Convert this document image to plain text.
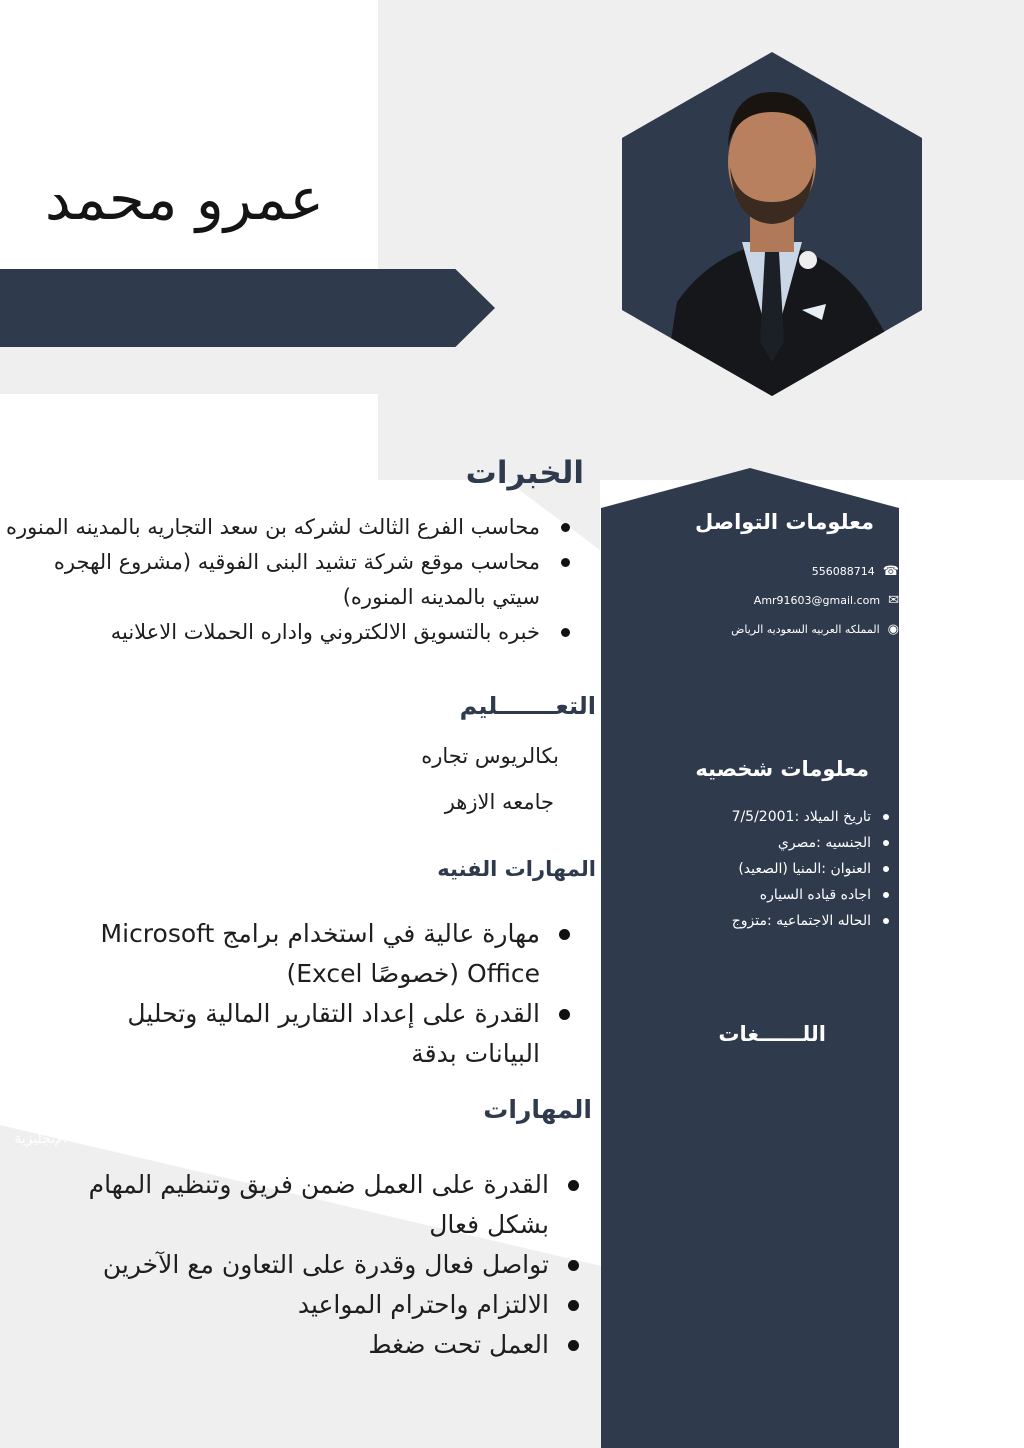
عمرو محمد
الخبرات
محاسب الفرع الثالث لشركه بن سعد التجاريه بالمدينه المنوره
محاسب موقع شركة تشيد البنى الفوقيه (مشروع الهجره سيتي بالمدينه المنوره)
خبره بالتسويق الالكتروني واداره الحملات الاعلانيه
التعـــــــليم
بكالريوس تجاره
جامعه الازهر
المهارات الفنيه
مهارة عالية في استخدام برامج Microsoft Office (خصوصًا Excel)
القدرة على إعداد التقارير المالية وتحليل البيانات بدقة
المهارات
القدرة على العمل ضمن فريق وتنظيم المهام بشكل فعال
تواصل فعال وقدرة على التعاون مع الآخرين
الالتزام واحترام المواعيد
العمل تحت ضغط
معلومات التواصل
☎
556088714
✉
Amr91603@gmail.com
◉
المملكه العربيه السعوديه الرياض
معلومات شخصيه
تاريخ الميلاد :7/5/2001
الجنسيه :مصري
العنوان :المنيا (الصعيد)
اجاده قياده السياره
الحاله الاجتماعيه :متزوج
اللــــــغات
العربية
الإنجليزية
